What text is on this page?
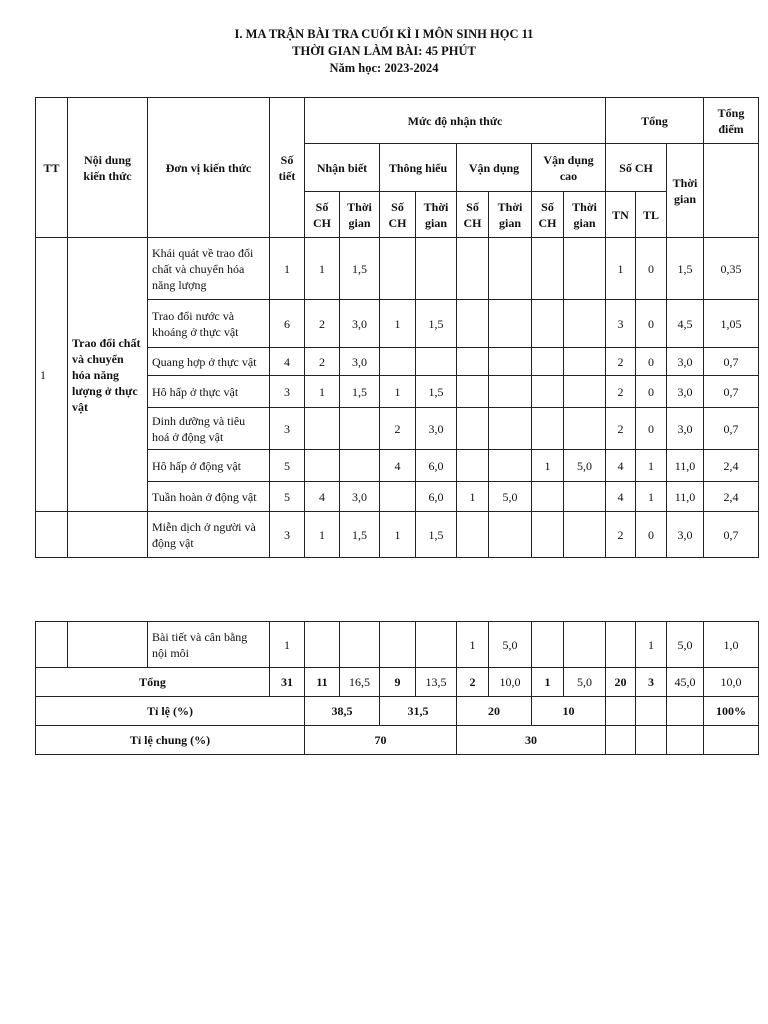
I. MA TRẬN BÀI TRA CUỐI KÌ I MÔN SINH HỌC 11
THỜI GIAN LÀM BÀI: 45 PHÚT
Năm học: 2023-2024
TT	Nội dung kiến thức	Đơn vị kiến thức	Số tiết	Mức độ nhận thức								Tổng			Tổng điểm
				Nhận biết		Thông hiểu		Vận dụng		Vận dụng cao		Số CH		Thời gian	
				Số CH	Thời gian	Số CH	Thời gian	Số CH	Thời gian	Số CH	Thời gian	TN	TL		
1	Trao đổi chất và chuyển hóa năng lượng ở thực vật	Khái quát về trao đổi chất và chuyển hóa năng lượng	1	1	1,5							1	0	1,5	0,35
		Trao đổi nước và khoáng ở thực vật	6	2	3,0	1	1,5					3	0	4,5	1,05
		Quang hợp ở thực vật	4	2	3,0							2	0	3,0	0,7
		Hô hấp ở thực vật	3	1	1,5	1	1,5					2	0	3,0	0,7
		Dinh dưỡng và tiêu hoá ở động vật	3			2	3,0					2	0	3,0	0,7
		Hô hấp ở động vật	5			4	6,0			1	5,0	4	1	11,0	2,4
		Tuần hoàn ở động vật	5	4	3,0		6,0	1	5,0			4	1	11,0	2,4
		Miễn dịch ở người và động vật	3	1	1,5	1	1,5					2	0	3,0	0,7
		Bài tiết và cân bằng nội môi	1					1	5,0				1	5,0	1,0
Tổng			31	11	16,5	9	13,5	2	10,0	1	5,0	20	3	45,0	10,0
Tỉ lệ (%)				38,5		31,5		20		10					100%
Tỉ lệ chung (%)				70				30							
